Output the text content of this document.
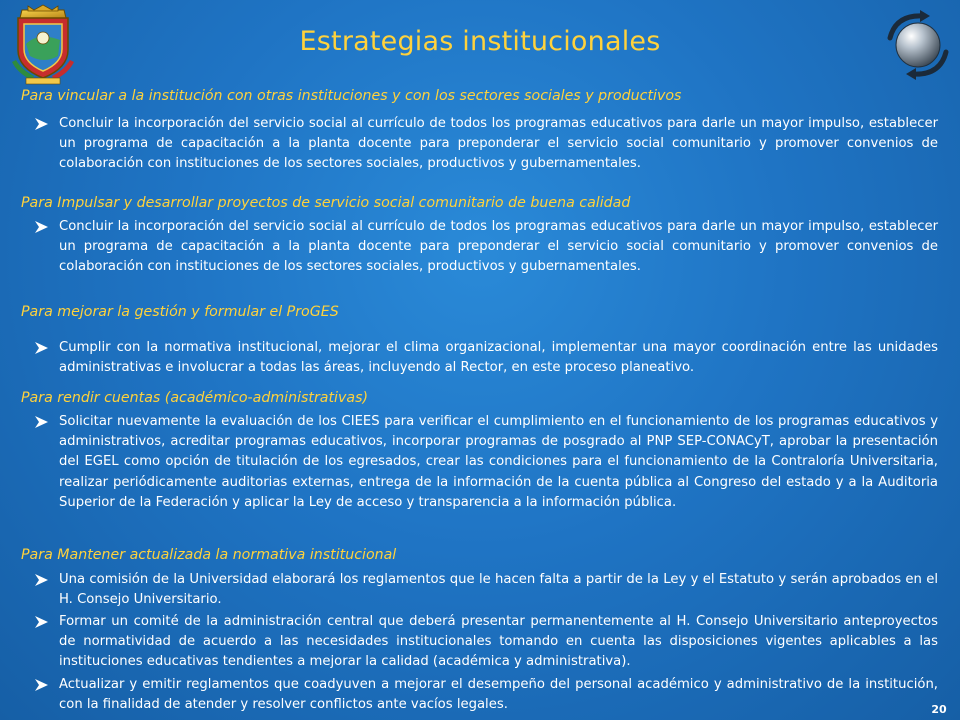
Estrategias institucionales
Para vincular a la institución con otras instituciones y con los sectores sociales y productivos
Concluir la incorporación del servicio social al currículo de todos los programas educativos para darle un mayor impulso, establecer un programa de capacitación a la planta docente para preponderar el servicio social comunitario y promover convenios de colaboración con instituciones de los sectores sociales, productivos y gubernamentales.
Para Impulsar y desarrollar proyectos de servicio social comunitario de buena calidad
Concluir la incorporación del servicio social al currículo de todos los programas educativos para darle un mayor impulso, establecer un programa de capacitación a la planta docente para preponderar el servicio social comunitario y promover convenios de colaboración con instituciones de los sectores sociales, productivos y gubernamentales.
Para mejorar la gestión y formular el ProGES
Cumplir con la normativa institucional, mejorar el clima organizacional, implementar una mayor coordinación entre las unidades administrativas e involucrar a todas las áreas, incluyendo al Rector, en este proceso planeativo.
Para rendir cuentas (académico-administrativas)
Solicitar nuevamente la evaluación de los CIEES para verificar el cumplimiento en el funcionamiento de los programas educativos y administrativos, acreditar programas educativos, incorporar programas de posgrado al PNP SEP-CONACyT, aprobar la presentación del EGEL como opción de titulación de los egresados, crear las condiciones para el funcionamiento de la Contraloría Universitaria, realizar periódicamente auditorias externas, entrega de la información de la cuenta pública al Congreso del estado y a la Auditoria Superior de la Federación y aplicar la Ley de acceso y transparencia a la información pública.
Para Mantener actualizada la normativa institucional
Una comisión de la Universidad elaborará los reglamentos que le hacen falta a partir de la Ley y el Estatuto y serán aprobados en el H. Consejo Universitario.
Formar un comité de la administración central que deberá presentar permanentemente al H. Consejo Universitario anteproyectos de normatividad de acuerdo a las necesidades institucionales tomando en cuenta las disposiciones vigentes aplicables a las instituciones educativas tendientes a mejorar la calidad (académica y administrativa).
Actualizar y emitir reglamentos que coadyuven a mejorar el desempeño del personal académico y administrativo de la institución, con la finalidad de atender y resolver conflictos ante vacíos legales.	20
